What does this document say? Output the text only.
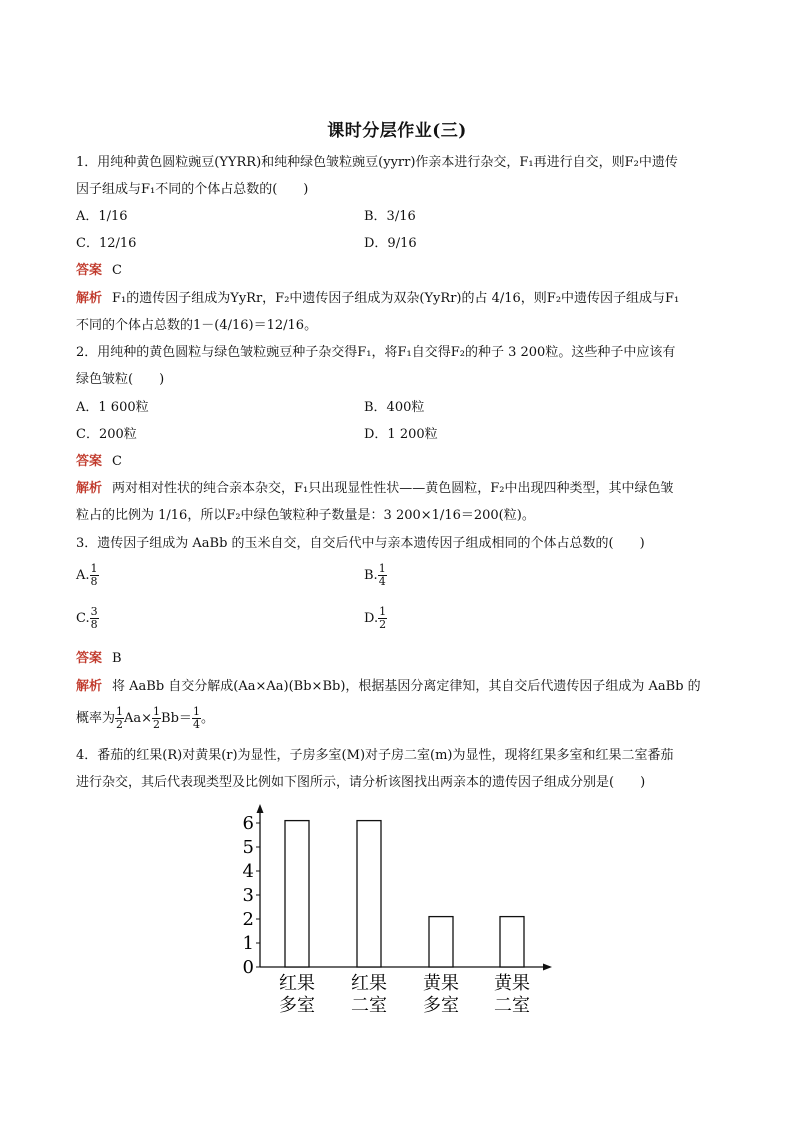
课时分层作业(三)
1．用纯种黄色圆粒豌豆(YYRR)和纯种绿色皱粒豌豆(yyrr)作亲本进行杂交，F₁再进行自交，则F₂中遗传
因子组成与F₁不同的个体占总数的(　　)
A．1/16	B．3/16
C．12/16	D．9/16
答案 C
解析 F₁的遗传因子组成为YyRr，F₂中遗传因子组成为双杂(YyRr)的占 4/16，则F₂中遗传因子组成与F₁
不同的个体占总数的1－(4/16)＝12/16。
2．用纯种的黄色圆粒与绿色皱粒豌豆种子杂交得F₁，将F₁自交得F₂的种子 3 200粒。这些种子中应该有
绿色皱粒(　　)
A．1 600粒	B．400粒
C．200粒	D．1 200粒
答案 C
解析 两对相对性状的纯合亲本杂交，F₁只出现显性性状——黄色圆粒，F₂中出现四种类型，其中绿色皱
粒占的比例为 1/16，所以F₂中绿色皱粒种子数量是：3 200×1/16＝200(粒)。
3．遗传因子组成为 AaBb 的玉米自交，自交后代中与亲本遗传因子组成相同的个体占总数的(　　)
A. $\frac{1}{8}$	B. $\frac{1}{4}$
C. $\frac{3}{8}$	D. $\frac{1}{2}$
答案 B
解析 将 AaBb 自交分解成(Aa×Aa)(Bb×Bb)，根据基因分离定律知，其自交后代遗传因子组成为 AaBb 的
概率为 $\frac{1}{2} Aa\times \frac{1}{2} Bb= \frac{1}{4}$ 。
4．番茄的红果(R)对黄果(r)为显性，子房多室(M)对子房二室(m)为显性，现将红果多室和红果二室番茄
进行杂交，其后代表现类型及比例如下图所示，请分析该图找出两亲本的遗传因子组成分别是(　　)
0
1
2
3
4
5
6
红果
多室
红果
二室
黄果
多室
黄果
二室
